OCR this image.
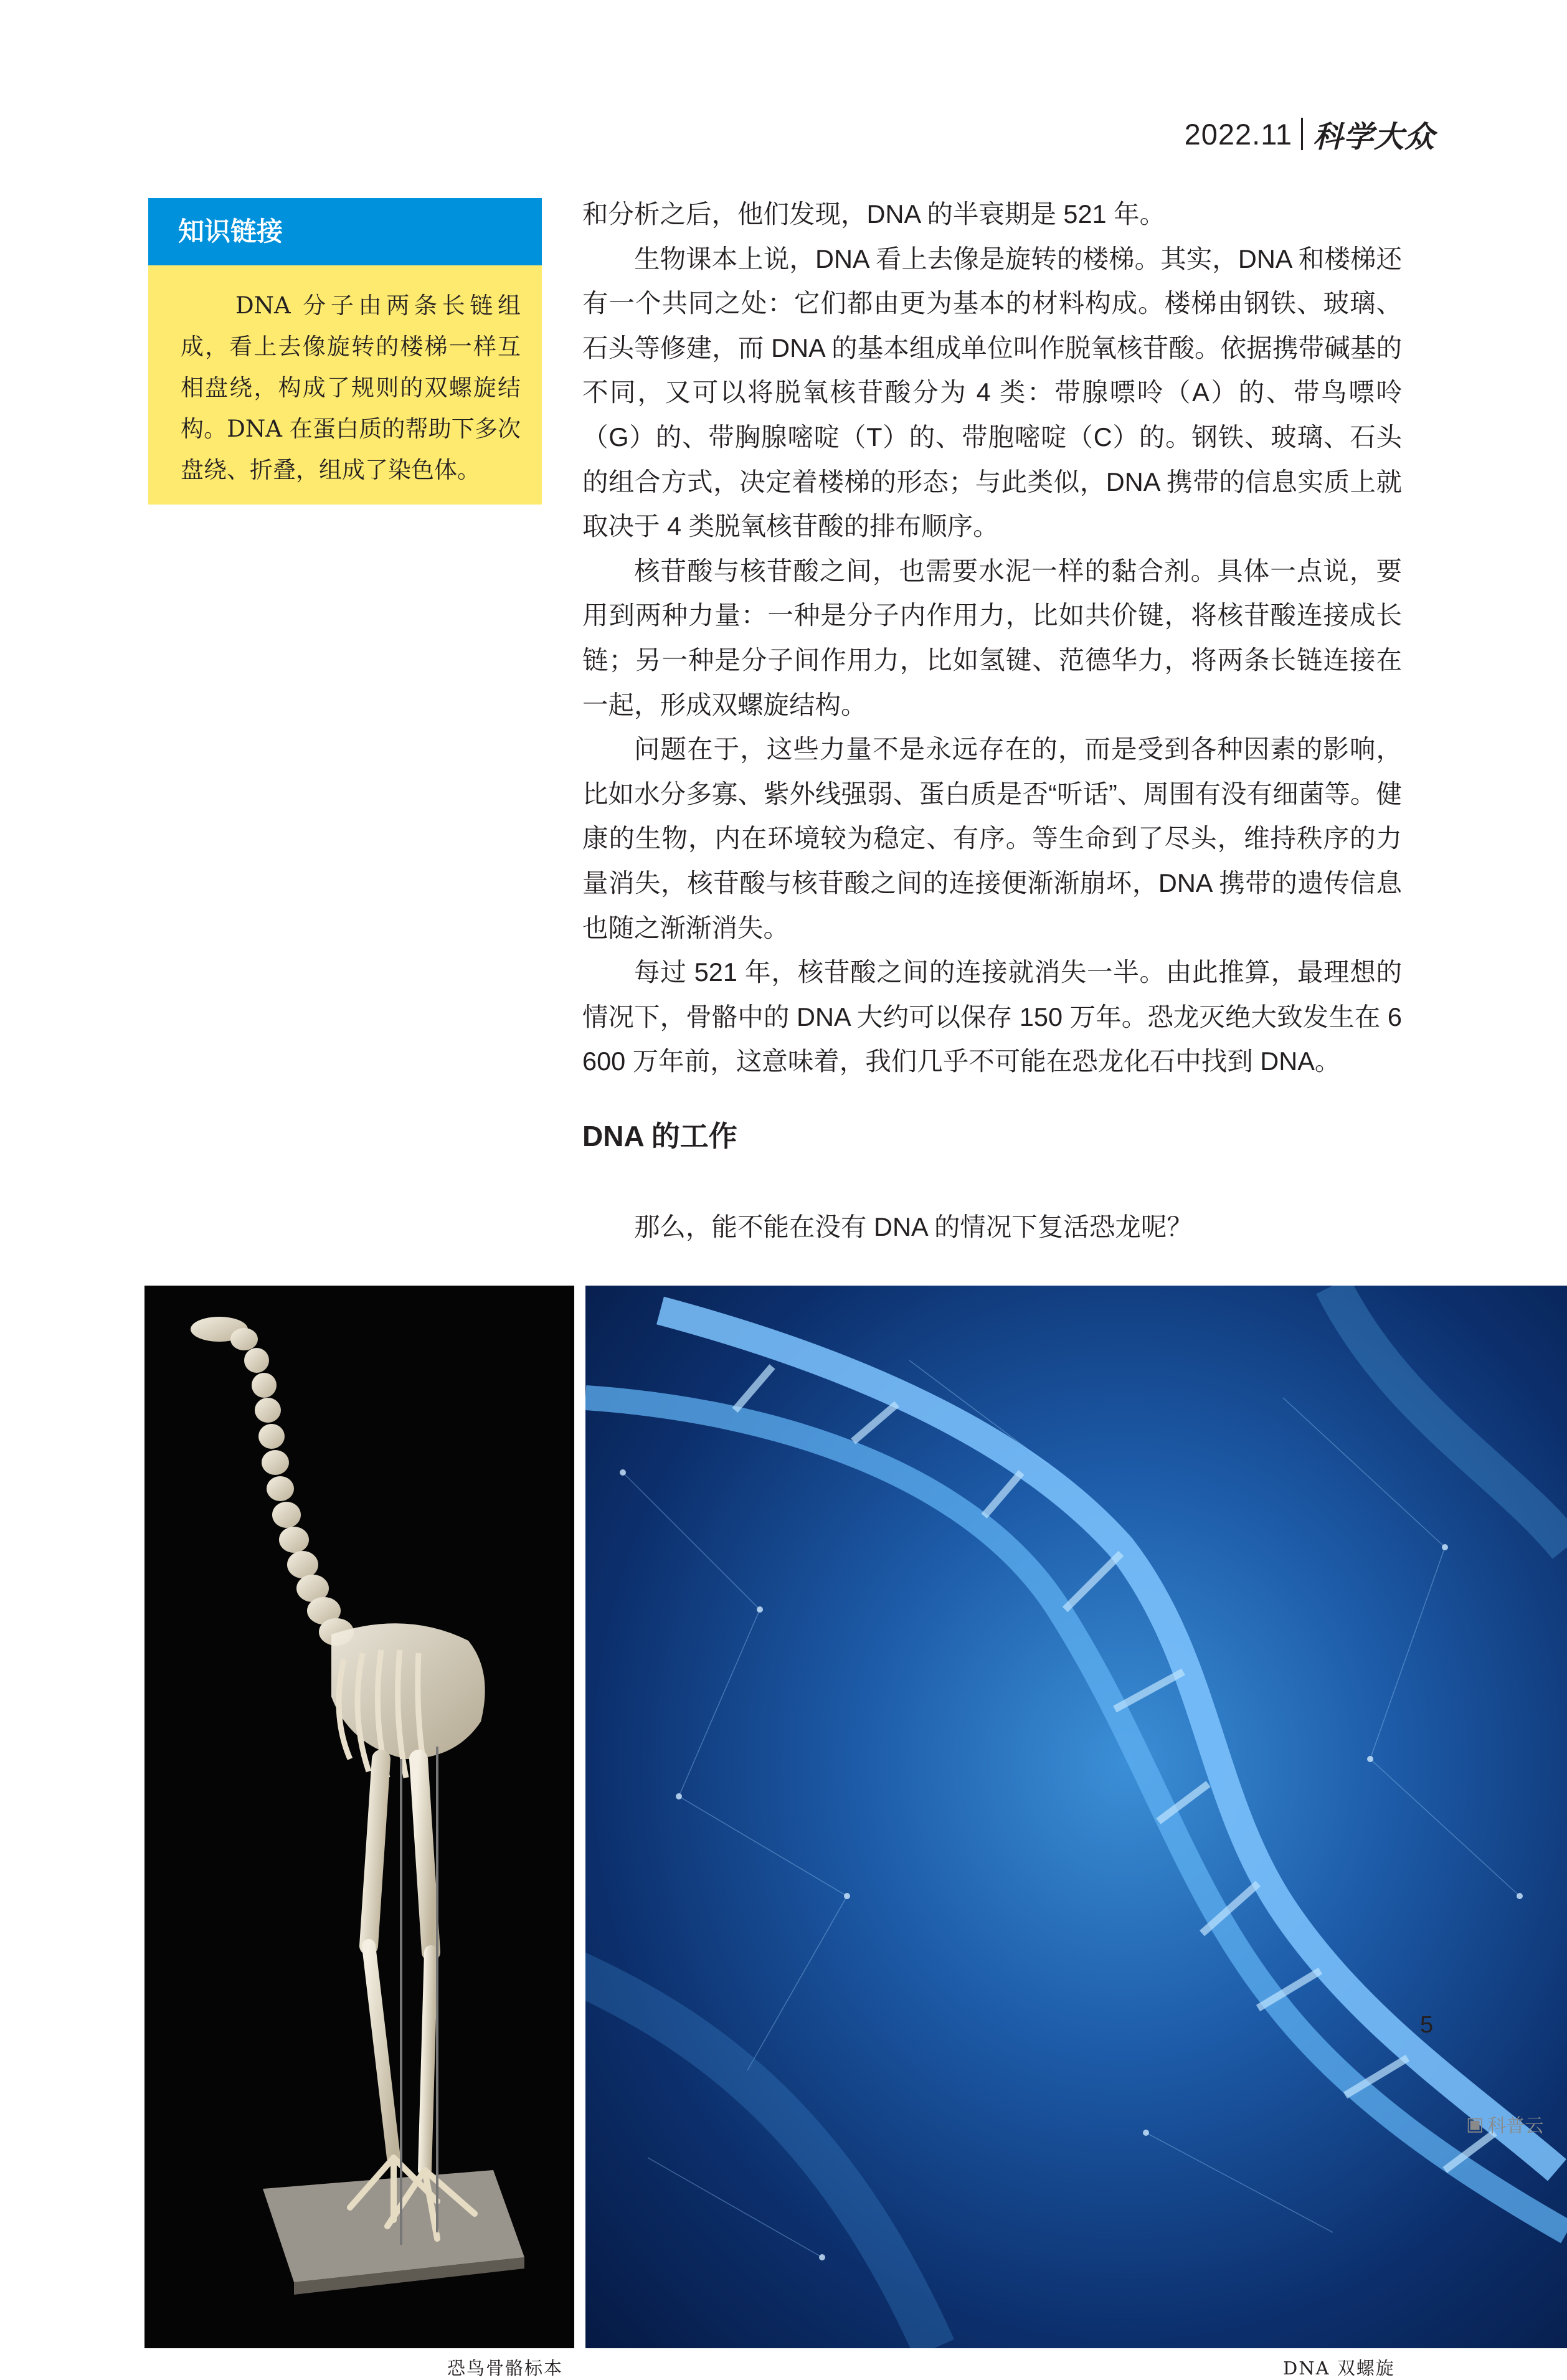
2022.11 科学大众
知识链接
DNA 分子由两条长链组成，看上去像旋转的楼梯一样互相盘绕，构成了规则的双螺旋结构。DNA 在蛋白质的帮助下多次盘绕、折叠，组成了染色体。

和分析之后，他们发现，DNA 的半衰期是 521 年。

生物课本上说，DNA 看上去像是旋转的楼梯。其实，DNA 和楼梯还有一个共同之处：它们都由更为基本的材料构成。楼梯由钢铁、玻璃、石头等修建，而 DNA 的基本组成单位叫作脱氧核苷酸。依据携带碱基的不同，又可以将脱氧核苷酸分为 4 类：带腺嘌呤（A）的、带鸟嘌呤（G）的、带胸腺嘧啶（T）的、带胞嘧啶（C）的。钢铁、玻璃、石头的组合方式，决定着楼梯的形态；与此类似，DNA 携带的信息实质上就取决于 4 类脱氧核苷酸的排布顺序。

核苷酸与核苷酸之间，也需要水泥一样的黏合剂。具体一点说，要用到两种力量：一种是分子内作用力，比如共价键，将核苷酸连接成长链；另一种是分子间作用力，比如氢键、范德华力，将两条长链连接在一起，形成双螺旋结构。

问题在于，这些力量不是永远存在的，而是受到各种因素的影响，比如水分多寡、紫外线强弱、蛋白质是否“听话”、周围有没有细菌等。健康的生物，内在环境较为稳定、有序。等生命到了尽头，维持秩序的力量消失，核苷酸与核苷酸之间的连接便渐渐崩坏，DNA 携带的遗传信息也随之渐渐消失。

每过 521 年，核苷酸之间的连接就消失一半。由此推算，最理想的情况下，骨骼中的 DNA 大约可以保存 150 万年。恐龙灭绝大致发生在 6 600 万年前，这意味着，我们几乎不可能在恐龙化石中找到 DNA。

DNA 的工作
那么，能不能在没有 DNA 的情况下复活恐龙呢？
恐鸟骨骼标本	DNA 双螺旋
5
▣ 科普云
